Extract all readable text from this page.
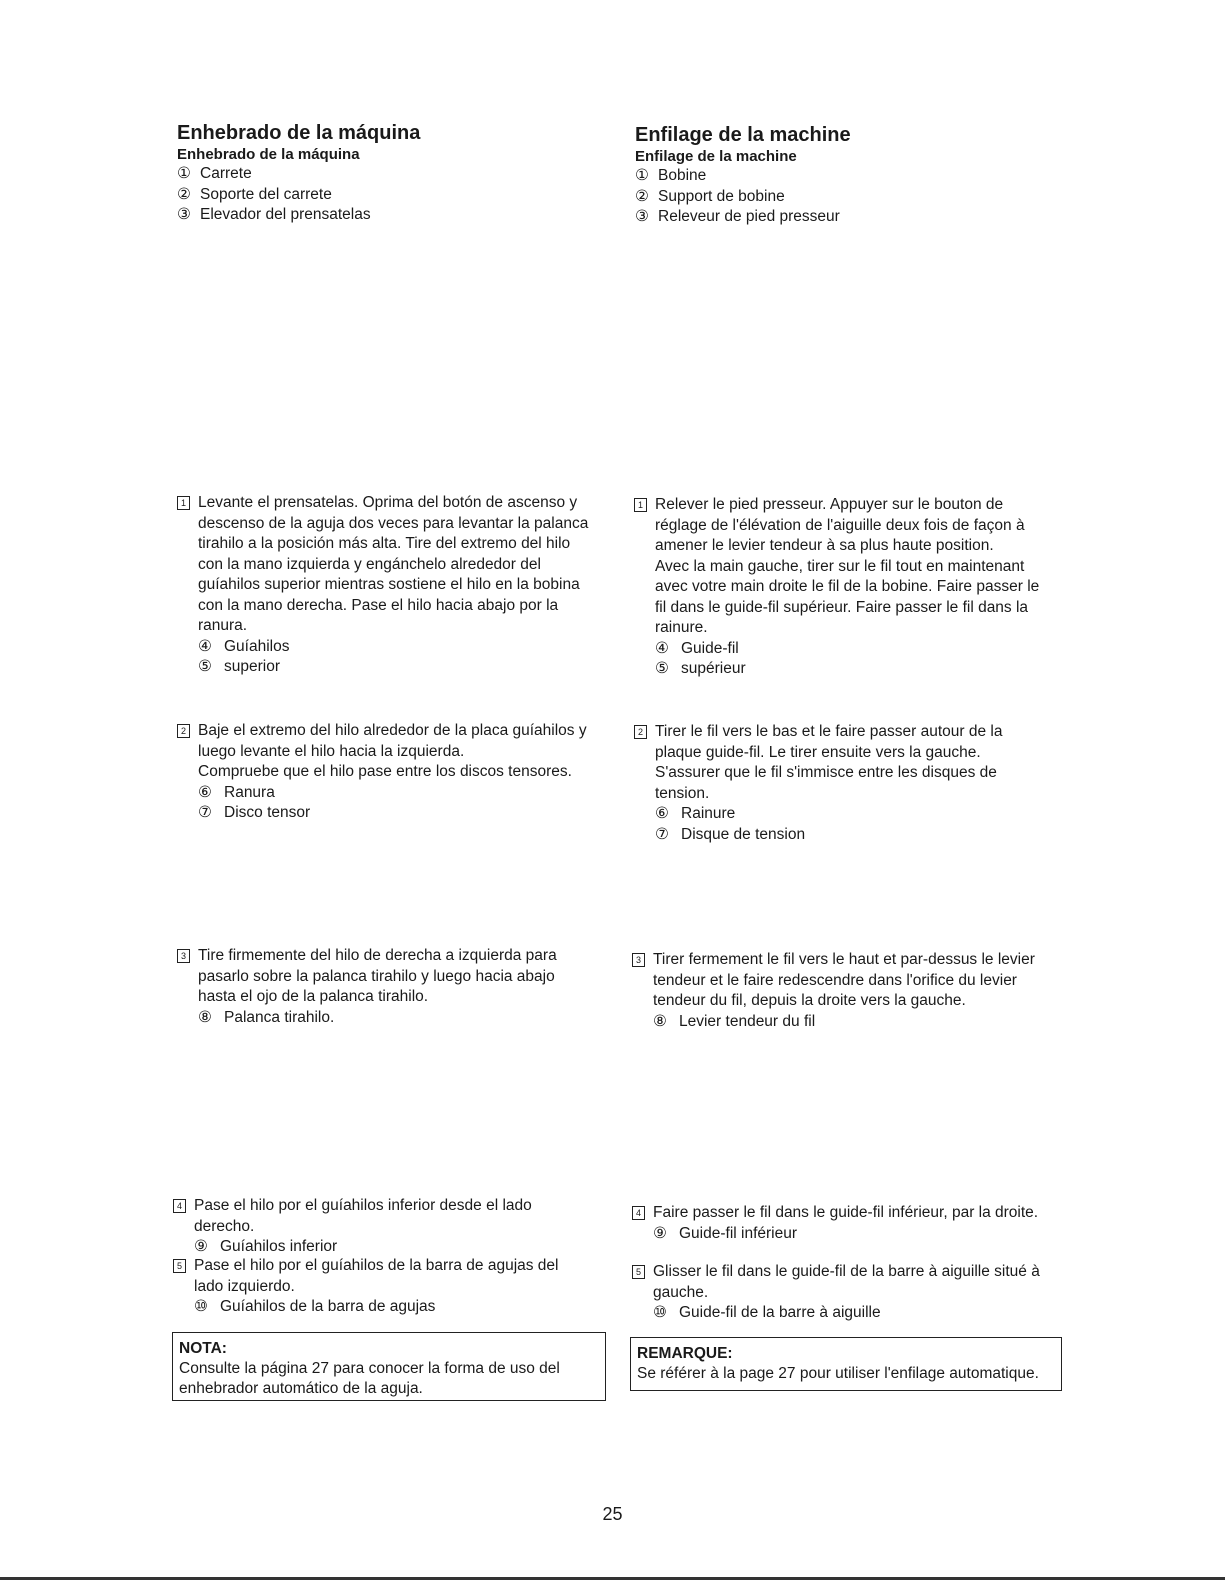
Enhebrado de la máquina
Enhebrado de la máquina

① Carrete

② Soporte del carrete

③ Elevador del prensatelas

1 Levante el prensatelas. Oprima del botón de ascenso y

descenso de la aguja dos veces para levantar la palanca

tirahilo a la posición más alta. Tire del extremo del hilo

con la mano izquierda y engánchelo alrededor del

guíahilos superior mientras sostiene el hilo en la bobina

con la mano derecha. Pase el hilo hacia abajo por la

ranura.

④ Guíahilos

⑤ superior

2 Baje el extremo del hilo alrededor de la placa guíahilos y

luego levante el hilo hacia la izquierda.

Compruebe que el hilo pase entre los discos tensores.

⑥ Ranura

⑦ Disco tensor

3 Tire firmemente del hilo de derecha a izquierda para

pasarlo sobre la palanca tirahilo y luego hacia abajo

hasta el ojo de la palanca tirahilo.

⑧ Palanca tirahilo.

4 Pase el hilo por el guíahilos inferior desde el lado

derecho.

⑨ Guíahilos inferior

5 Pase el hilo por el guíahilos de la barra de agujas del

lado izquierdo.

⑩ Guíahilos de la barra de agujas

NOTA:
Consulte la página 27 para conocer la forma de uso del
enhebrador automático de la aguja.
Enfilage de la machine
Enfilage de la machine

① Bobine

② Support de bobine

③ Releveur de pied presseur

1 Relever le pied presseur. Appuyer sur le bouton de

réglage de l'élévation de l'aiguille deux fois de façon à

amener le levier tendeur à sa plus haute position.

Avec la main gauche, tirer sur le fil tout en maintenant

avec votre main droite le fil de la bobine. Faire passer le

fil dans le guide-fil supérieur. Faire passer le fil dans la

rainure.

④ Guide-fil

⑤ supérieur

2 Tirer le fil vers le bas et le faire passer autour de la

plaque guide-fil. Le tirer ensuite vers la gauche.

S'assurer que le fil s'immisce entre les disques de

tension.

⑥ Rainure

⑦ Disque de tension

3 Tirer fermement le fil vers le haut et par-dessus le levier

tendeur et le faire redescendre dans l'orifice du levier

tendeur du fil, depuis la droite vers la gauche.

⑧ Levier tendeur du fil

4 Faire passer le fil dans le guide-fil inférieur, par la droite.

⑨ Guide-fil inférieur

5 Glisser le fil dans le guide-fil de la barre à aiguille situé à

gauche.

⑩ Guide-fil de la barre à aiguille

REMARQUE:
Se référer à la page 27 pour utiliser l'enfilage automatique.
25
